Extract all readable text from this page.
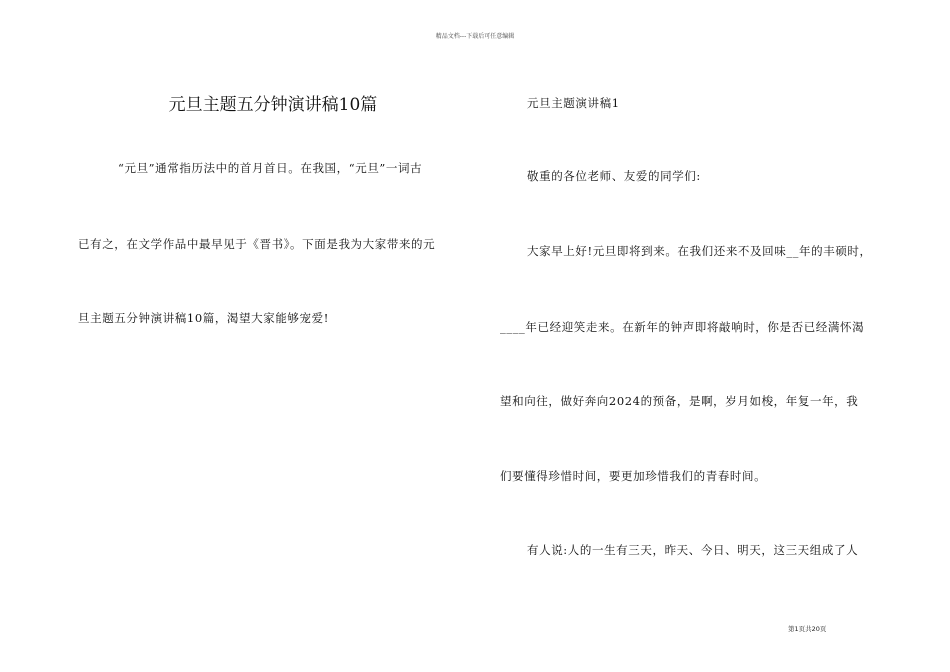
精品文档---下载后可任意编辑
元旦主题五分钟演讲稿10篇
“元旦”通常指历法中的首月首日。在我国，“元旦”一词古
已有之，在文学作品中最早见于《晋书》。下面是我为大家带来的元
旦主题五分钟演讲稿10篇，渴望大家能够宠爱!
元旦主题演讲稿1
敬重的各位老师、友爱的同学们:
大家早上好!元旦即将到来。在我们还来不及回味__年的丰硕时，
____年已经迎笑走来。在新年的钟声即将敲响时，你是否已经满怀渴
望和向往，做好奔向2024的预备，是啊，岁月如梭，年复一年，我
们要懂得珍惜时间，要更加珍惜我们的青春时间。
有人说:人的一生有三天，昨天、今日、明天，这三天组成了人
第1页共20页
